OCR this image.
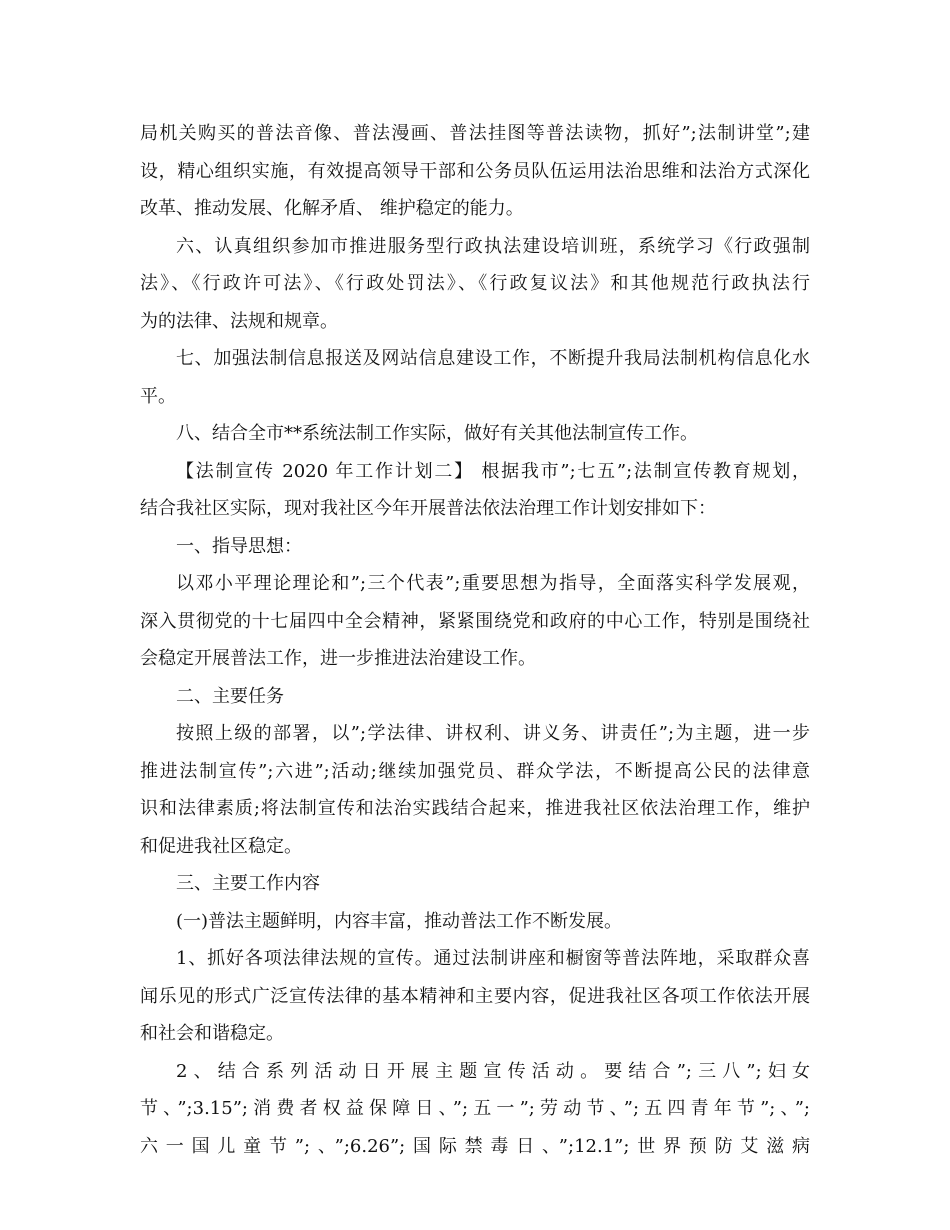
局机关购买的普法音像、普法漫画、普法挂图等普法读物，抓好”;法制讲堂”;建
设，精心组织实施，有效提高领导干部和公务员队伍运用法治思维和法治方式深化
改革、推动发展、化解矛盾、 维护稳定的能力。
六、认真组织参加市推进服务型行政执法建设培训班，系统学习《行政强制
法》、《行政许可法》、《行政处罚法》、《行政复议法》和其他规范行政执法行
为的法律、法规和规章。
七、加强法制信息报送及网站信息建设工作，不断提升我局法制机构信息化水
平。
八、结合全市**系统法制工作实际，做好有关其他法制宣传工作。
【法制宣传 2020 年工作计划二】 根据我市”;七五”;法制宣传教育规划，
结合我社区实际，现对我社区今年开展普法依法治理工作计划安排如下：
一、指导思想：
以邓小平理论理论和”;三个代表”;重要思想为指导，全面落实科学发展观，
深入贯彻党的十七届四中全会精神，紧紧围绕党和政府的中心工作，特别是围绕社
会稳定开展普法工作，进一步推进法治建设工作。
二、主要任务
按照上级的部署，以”;学法律、讲权利、讲义务、讲责任”;为主题，进一步
推进法制宣传”;六进”;活动;继续加强党员、群众学法，不断提高公民的法律意
识和法律素质;将法制宣传和法治实践结合起来，推进我社区依法治理工作，维护
和促进我社区稳定。
三、主要工作内容
(一)普法主题鲜明，内容丰富，推动普法工作不断发展。
1、抓好各项法律法规的宣传。通过法制讲座和橱窗等普法阵地，采取群众喜
闻乐见的形式广泛宣传法律的基本精神和主要内容，促进我社区各项工作依法开展
和社会和谐稳定。
2、结合系列活动日开展主题宣传活动。要结合”;三八”;妇女
节、”;3.15”;消费者权益保障日、”;五一”;劳动节、”;五四青年节”;、”;
六一国儿童节”;、”;6.26”;国际禁毒日、”;12.1”;世界预防艾滋病
